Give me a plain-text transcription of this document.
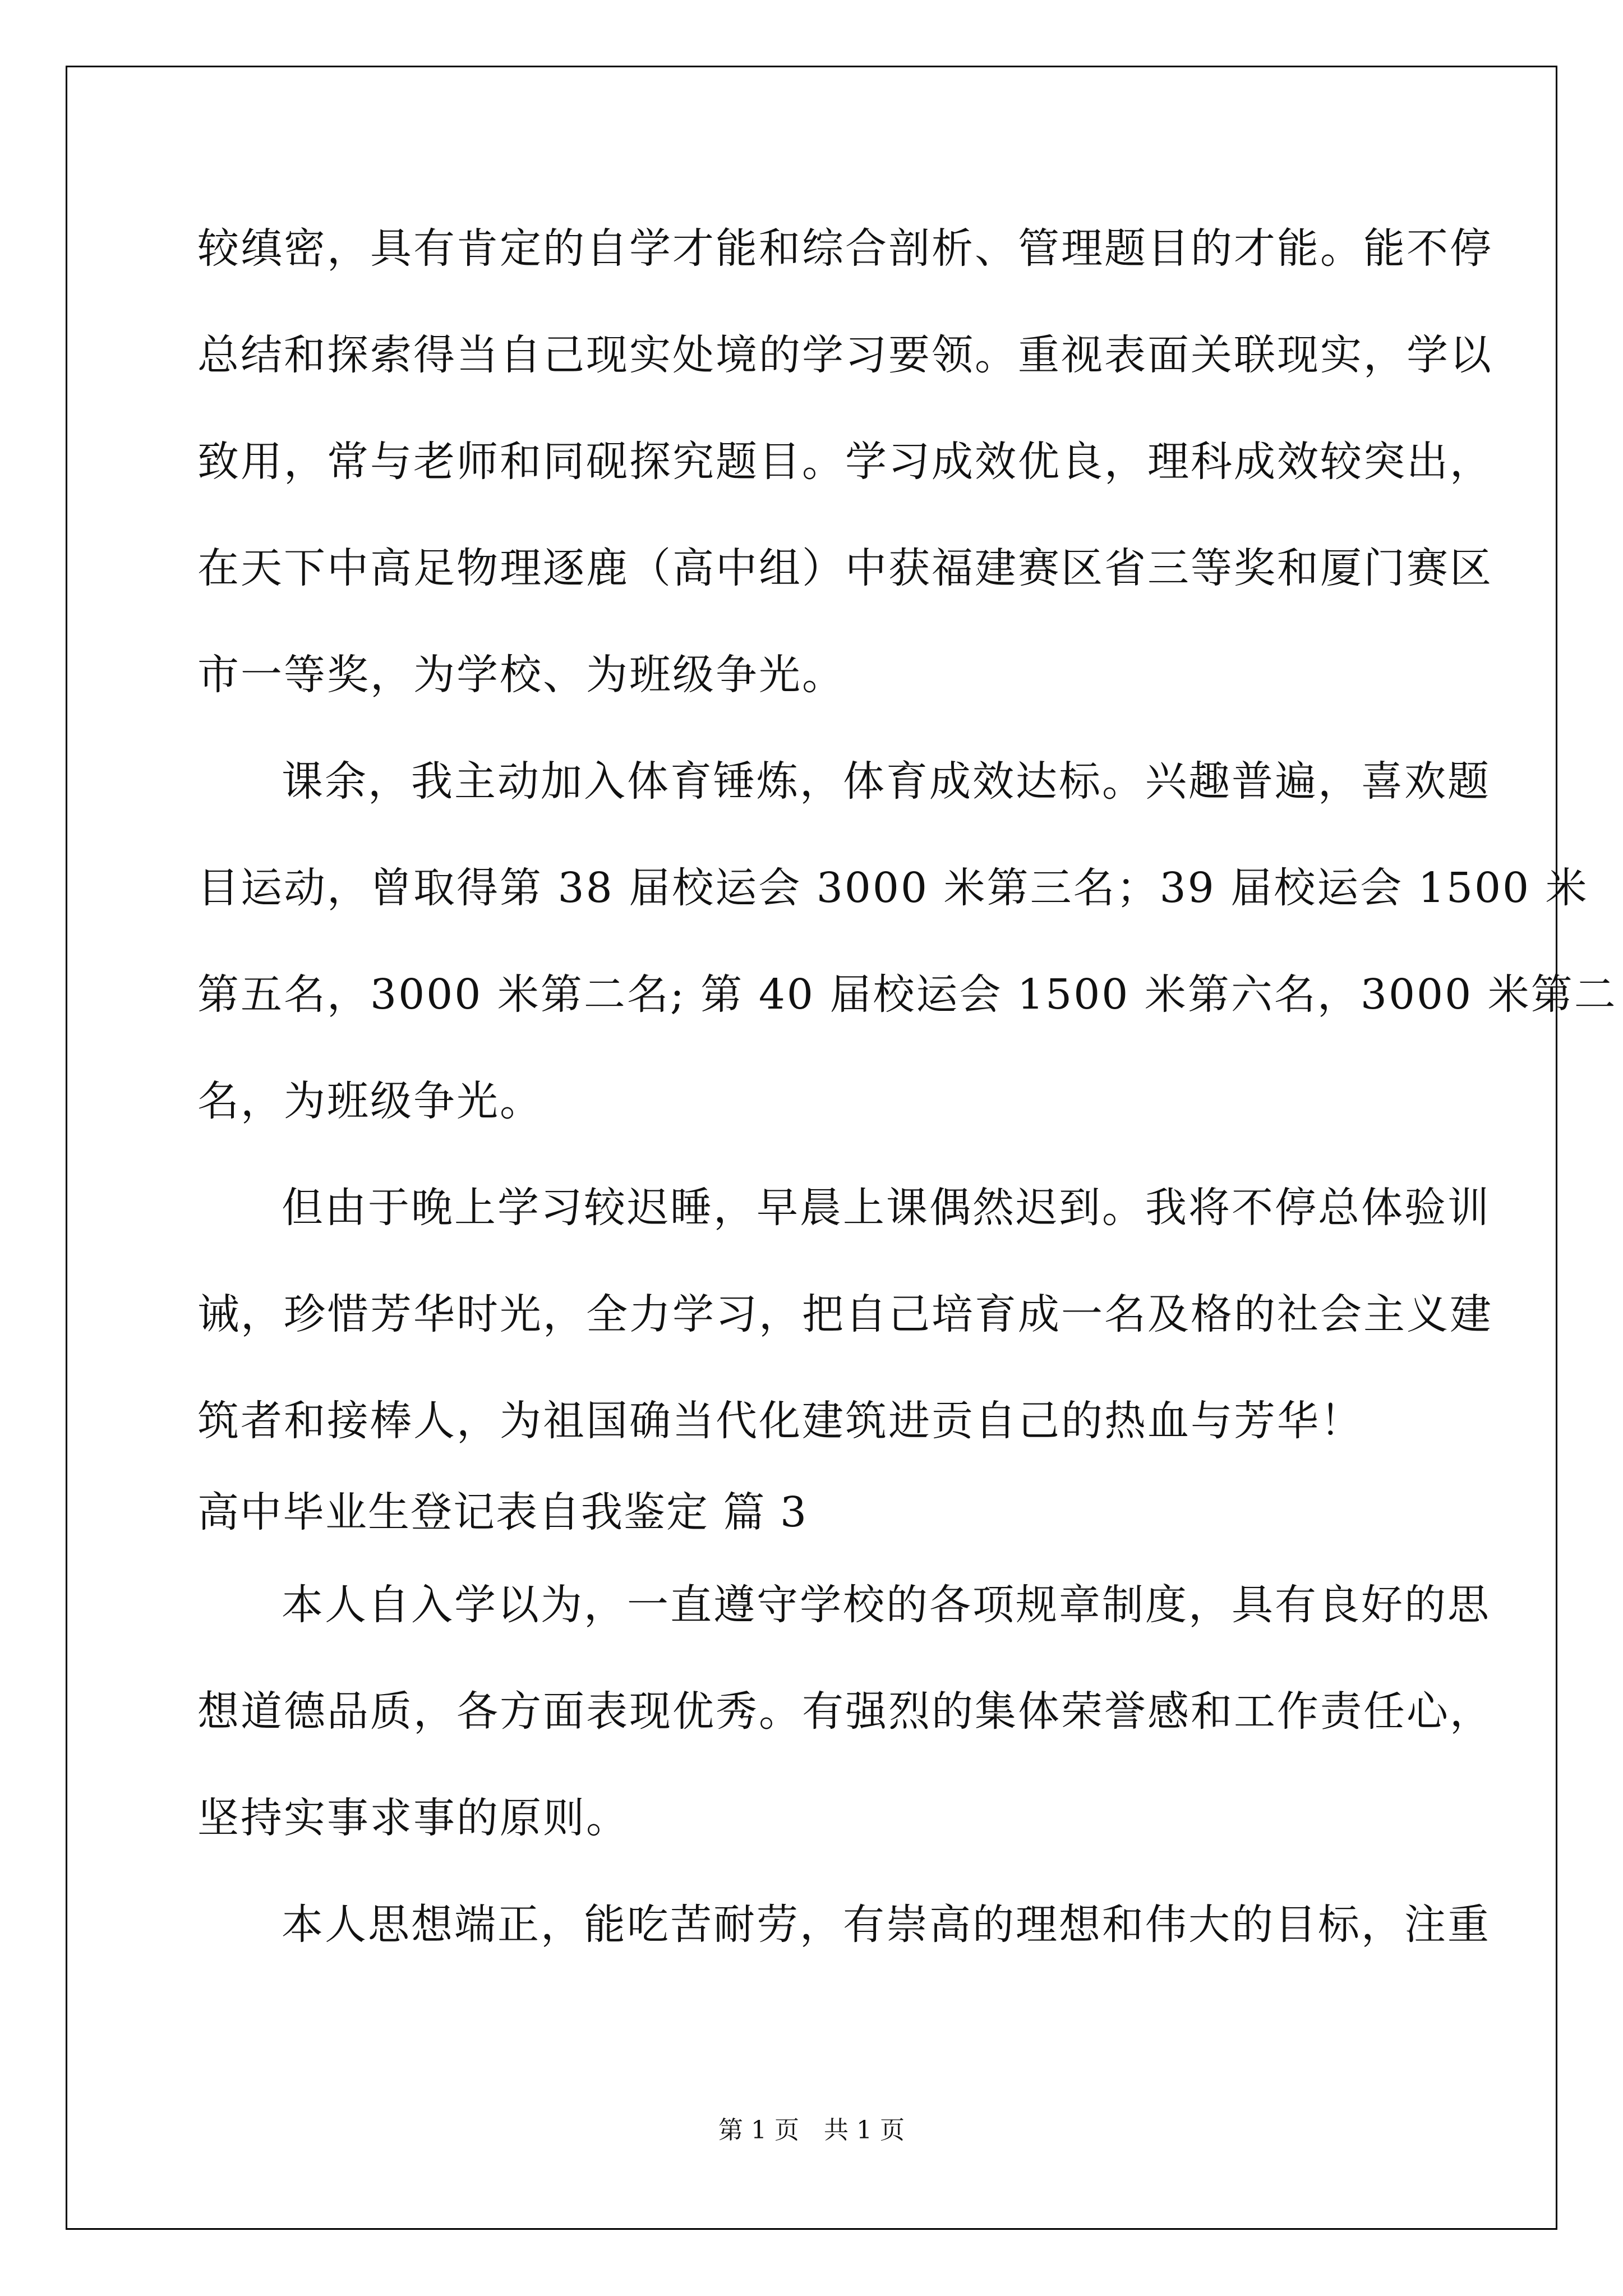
较缜密，具有肯定的自学才能和综合剖析、管理题目的才能。能不停
总结和探索得当自己现实处境的学习要领。重视表面关联现实，学以
致用，常与老师和同砚探究题目。学习成效优良，理科成效较突出，
在天下中高足物理逐鹿（高中组）中获福建赛区省三等奖和厦门赛区
市一等奖，为学校、为班级争光。
课余，我主动加入体育锤炼，体育成效达标。兴趣普遍，喜欢题
目运动，曾取得第 38 届校运会 3000 米第三名；39 届校运会 1500 米
第五名，3000 米第二名; 第 40 届校运会 1500 米第六名，3000 米第二
名，为班级争光。
但由于晚上学习较迟睡，早晨上课偶然迟到。我将不停总体验训
诫，珍惜芳华时光，全力学习，把自己培育成一名及格的社会主义建
筑者和接棒人，为祖国确当代化建筑进贡自己的热血与芳华！
高中毕业生登记表自我鉴定 篇 3
本人自入学以为，一直遵守学校的各项规章制度，具有良好的思
想道德品质，各方面表现优秀。有强烈的集体荣誉感和工作责任心，
坚持实事求事的原则。
本人思想端正，能吃苦耐劳，有崇高的理想和伟大的目标，注重
第 1 页　共 1 页
